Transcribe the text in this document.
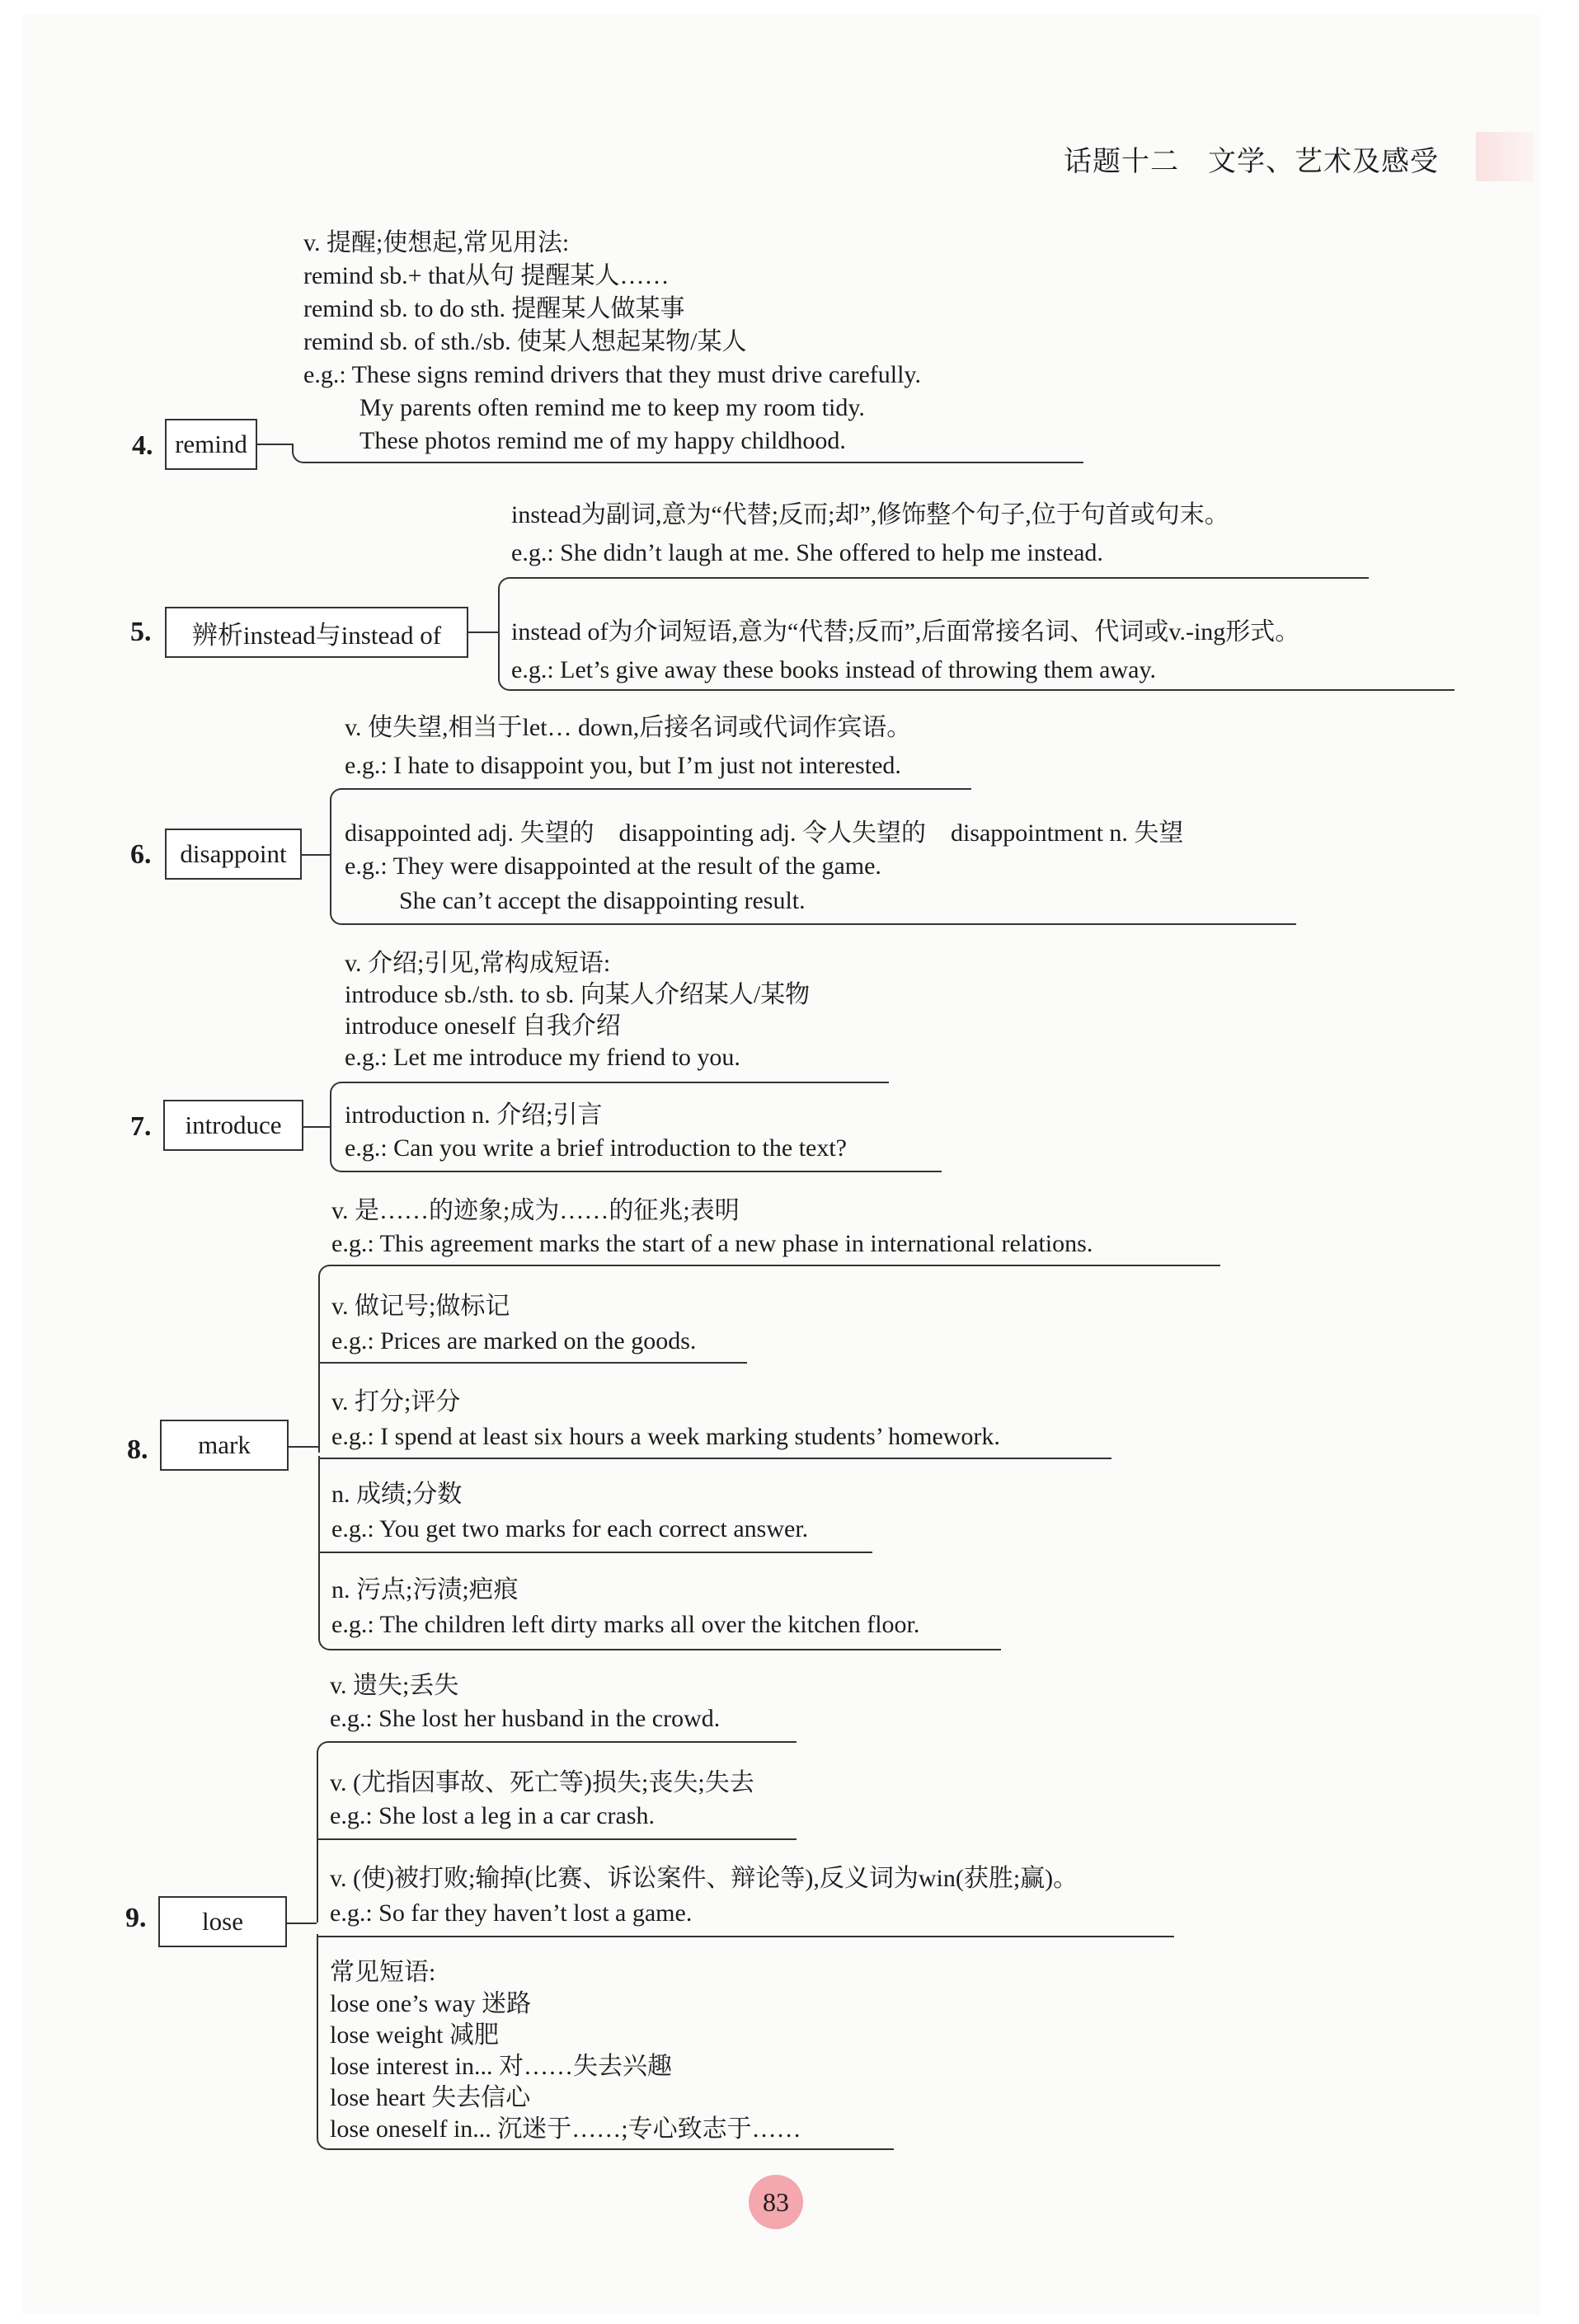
话题十二　文学、艺术及感受
v. 提醒;使想起,常见用法:
remind sb.+ that从句 提醒某人……
remind sb. to do sth. 提醒某人做某事
remind sb. of sth./sb. 使某人想起某物/某人
e.g.: These signs remind drivers that they must drive carefully.
My parents often remind me to keep my room tidy.
These photos remind me of my happy childhood.
4. remind
instead为副词,意为“代替;反而;却”,修饰整个句子,位于句首或句末。
e.g.: She didn’t laugh at me. She offered to help me instead.
5.	辨析instead与instead of	instead of为介词短语,意为“代替;反而”,后面常接名词、代词或v.-ing形式。
e.g.: Let’s give away these books instead of throwing them away.
v. 使失望,相当于let… down,后接名词或代词作宾语。
e.g.: I hate to disappoint you, but I’m just not interested.
6.	disappoint
disappointed adj. 失望的　disappointing adj. 令人失望的　disappointment n. 失望
e.g.: They were disappointed at the result of the game.
She can’t accept the disappointing result.
v. 介绍;引见,常构成短语:
introduce sb./sth. to sb. 向某人介绍某人/某物
introduce oneself 自我介绍
e.g.: Let me introduce my friend to you.
7.	introduce	introduction n. 介绍;引言
e.g.: Can you write a brief introduction to the text?
v. 是……的迹象;成为……的征兆;表明
e.g.: This agreement marks the start of a new phase in international relations.
v. 做记号;做标记
e.g.: Prices are marked on the goods.
v. 打分;评分
e.g.: I spend at least six hours a week marking students’ homework.
8.	mark
n. 成绩;分数
e.g.: You get two marks for each correct answer.
n. 污点;污渍;疤痕
e.g.: The children left dirty marks all over the kitchen floor.
v. 遗失;丢失
e.g.: She lost her husband in the crowd.
v. (尤指因事故、死亡等)损失;丧失;失去
e.g.: She lost a leg in a car crash.
v. (使)被打败;输掉(比赛、诉讼案件、辩论等),反义词为win(获胜;赢)。
e.g.: So far they haven’t lost a game.
9.	lose
常见短语:
lose one’s way 迷路
lose weight 减肥
lose interest in... 对……失去兴趣
lose heart 失去信心
lose oneself in... 沉迷于……;专心致志于……
83
